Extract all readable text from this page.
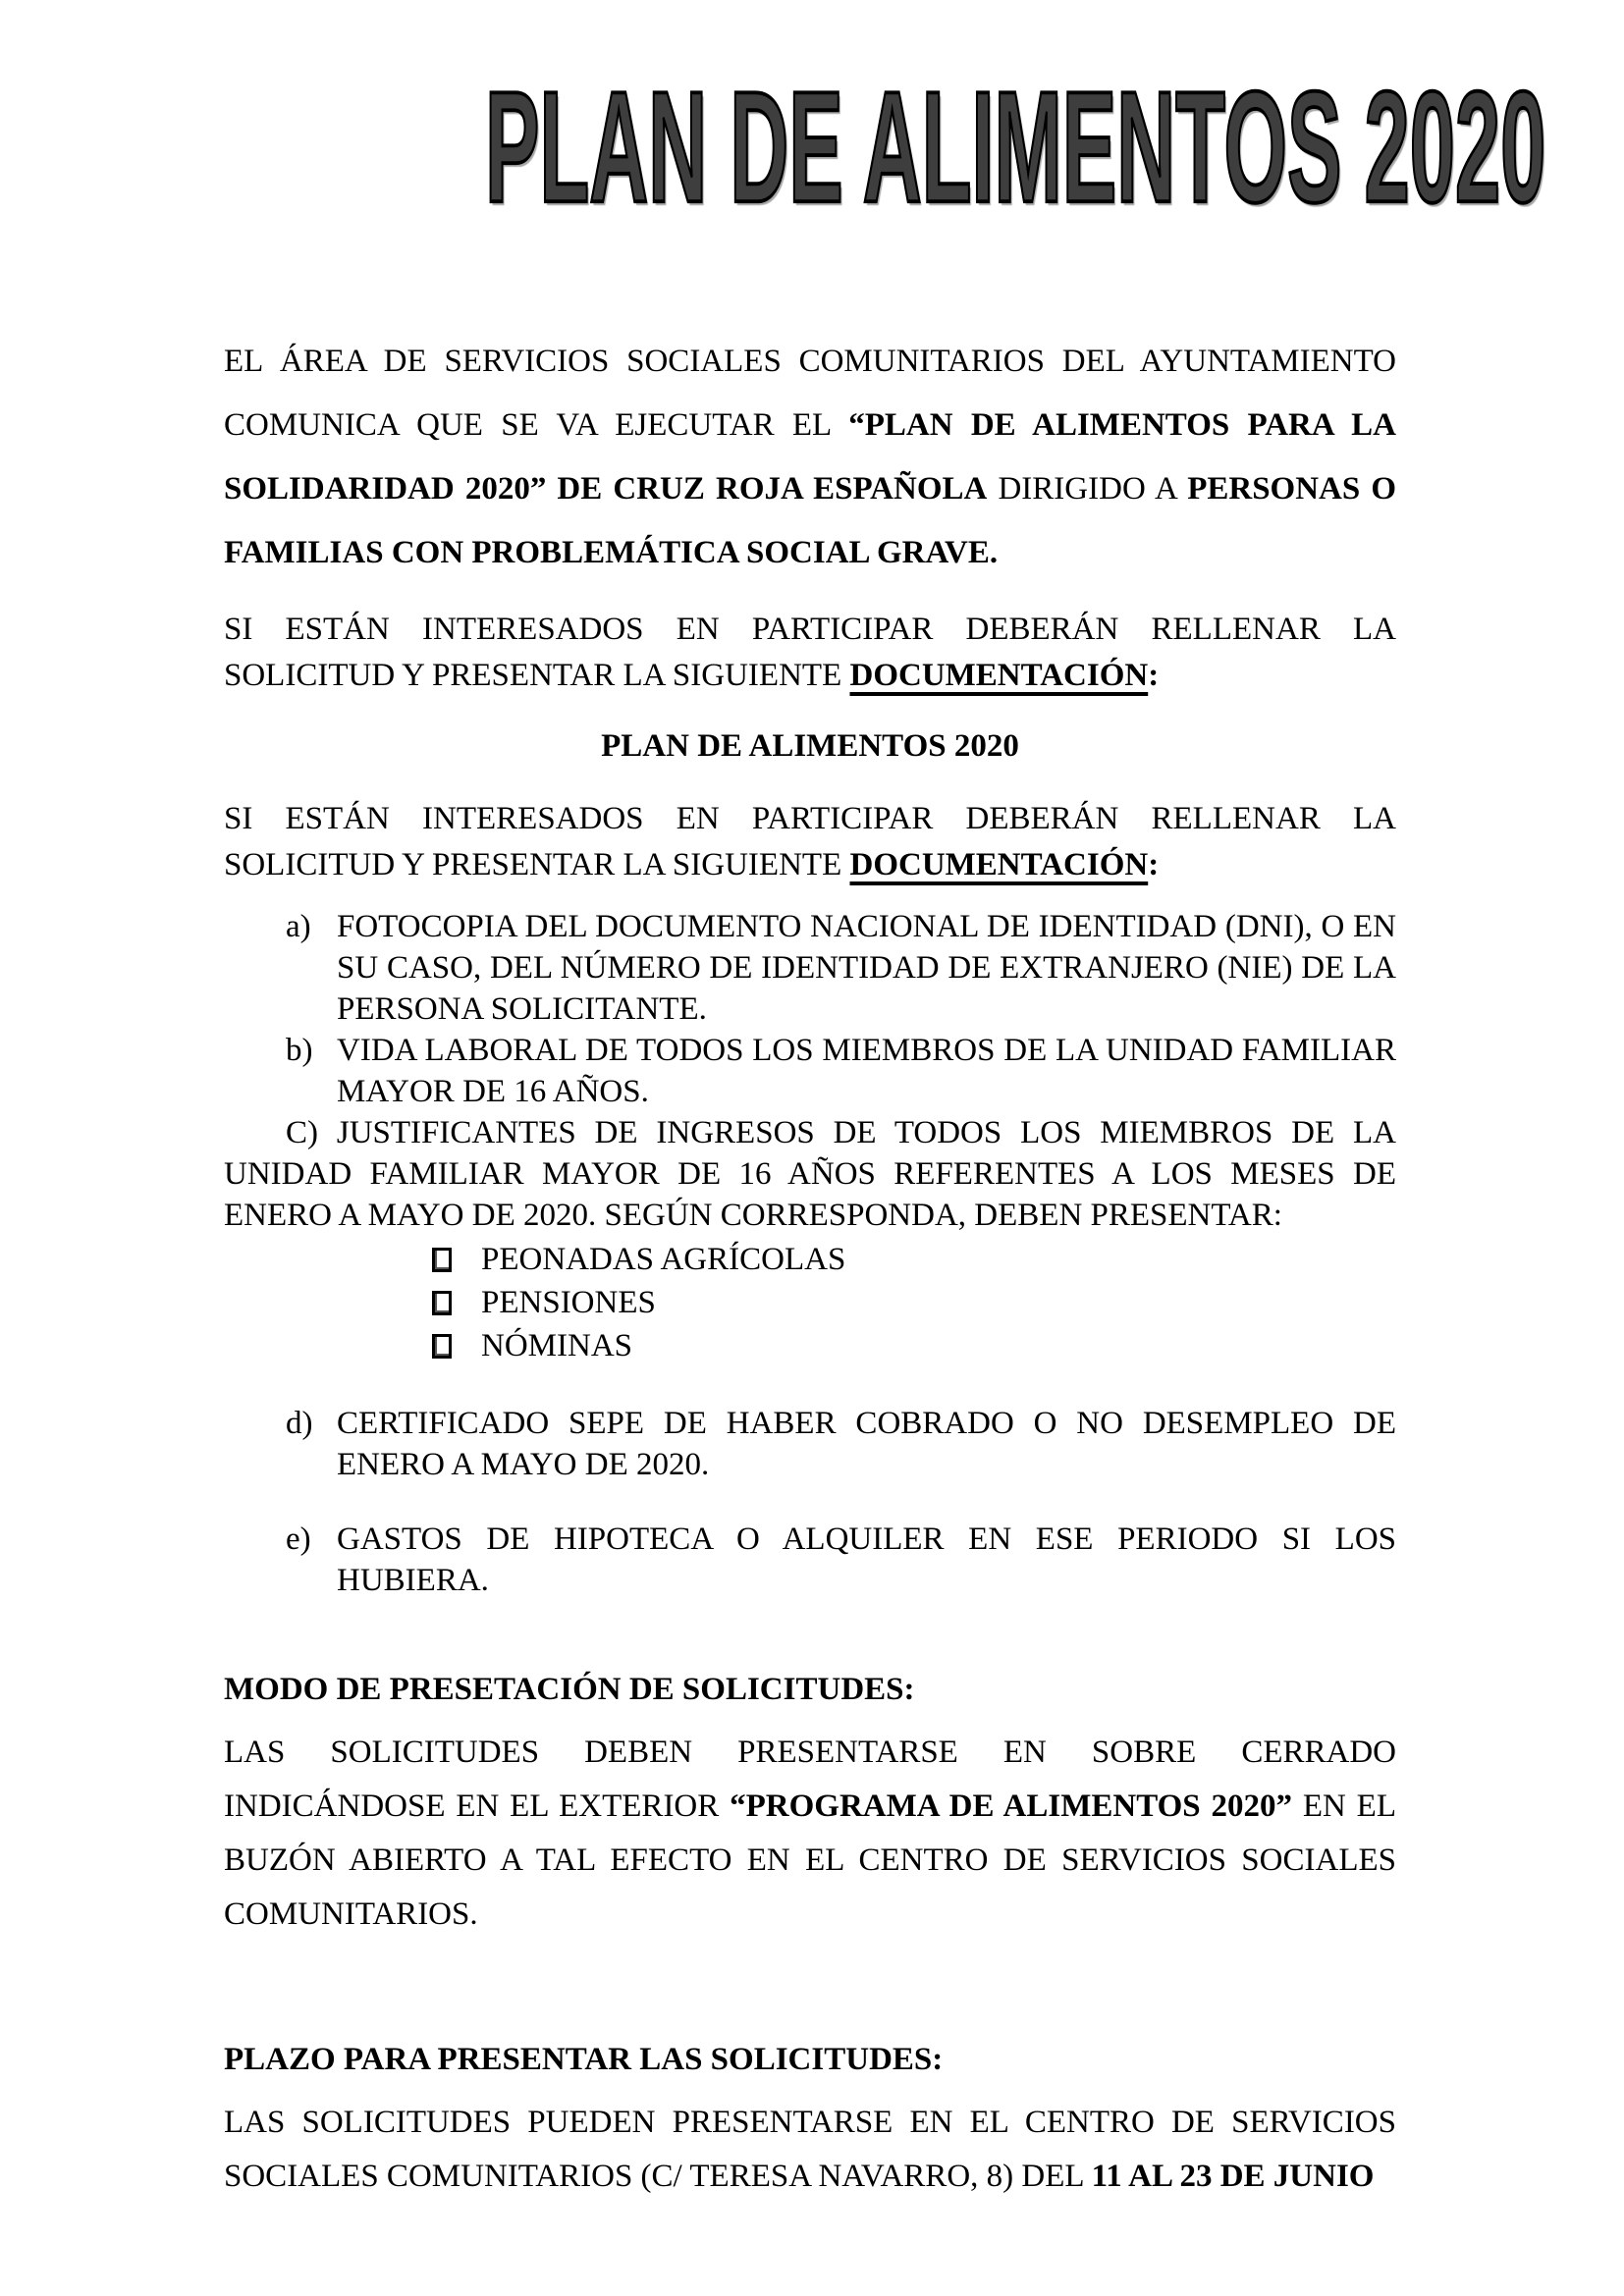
PLAN DE ALIMENTOS 2020

EL ÁREA DE SERVICIOS SOCIALES COMUNITARIOS DEL AYUNTAMIENTO COMUNICA QUE SE VA EJECUTAR EL “PLAN DE ALIMENTOS PARA LA SOLIDARIDAD 2020” DE CRUZ ROJA ESPAÑOLA DIRIGIDO A PERSONAS O FAMILIAS CON PROBLEMÁTICA SOCIAL GRAVE.

SI ESTÁN INTERESADOS EN PARTICIPAR DEBERÁN RELLENAR LA SOLICITUD Y PRESENTAR LA SIGUIENTE DOCUMENTACIÓN:

PLAN DE ALIMENTOS 2020

SI ESTÁN INTERESADOS EN PARTICIPAR DEBERÁN RELLENAR LA SOLICITUD Y PRESENTAR LA SIGUIENTE DOCUMENTACIÓN:

a) FOTOCOPIA DEL DOCUMENTO NACIONAL DE IDENTIDAD (DNI), O EN SU CASO, DEL NÚMERO DE IDENTIDAD DE EXTRANJERO (NIE) DE LA PERSONA SOLICITANTE.

b) VIDA LABORAL DE TODOS LOS MIEMBROS DE LA UNIDAD FAMILIAR MAYOR DE 16 AÑOS.

C) JUSTIFICANTES DE INGRESOS DE TODOS LOS MIEMBROS DE LA UNIDAD FAMILIAR MAYOR DE 16 AÑOS REFERENTES A LOS MESES DE ENERO A MAYO DE 2020. SEGÚN CORRESPONDA, DEBEN PRESENTAR:

PEONADAS AGRÍCOLAS
PENSIONES
NÓMINAS

d) CERTIFICADO SEPE DE HABER COBRADO O NO DESEMPLEO DE ENERO A MAYO DE 2020.

e) GASTOS DE HIPOTECA O ALQUILER EN ESE PERIODO SI LOS HUBIERA.

MODO DE PRESETACIÓN DE SOLICITUDES:

LAS SOLICITUDES DEBEN PRESENTARSE EN SOBRE CERRADO INDICÁNDOSE EN EL EXTERIOR “PROGRAMA DE ALIMENTOS 2020” EN EL BUZÓN ABIERTO A TAL EFECTO EN EL CENTRO DE SERVICIOS SOCIALES COMUNITARIOS.

PLAZO PARA PRESENTAR LAS SOLICITUDES:

LAS SOLICITUDES PUEDEN PRESENTARSE EN EL CENTRO DE SERVICIOS SOCIALES COMUNITARIOS (C/ TERESA NAVARRO, 8) DEL 11 AL 23 DE JUNIO
